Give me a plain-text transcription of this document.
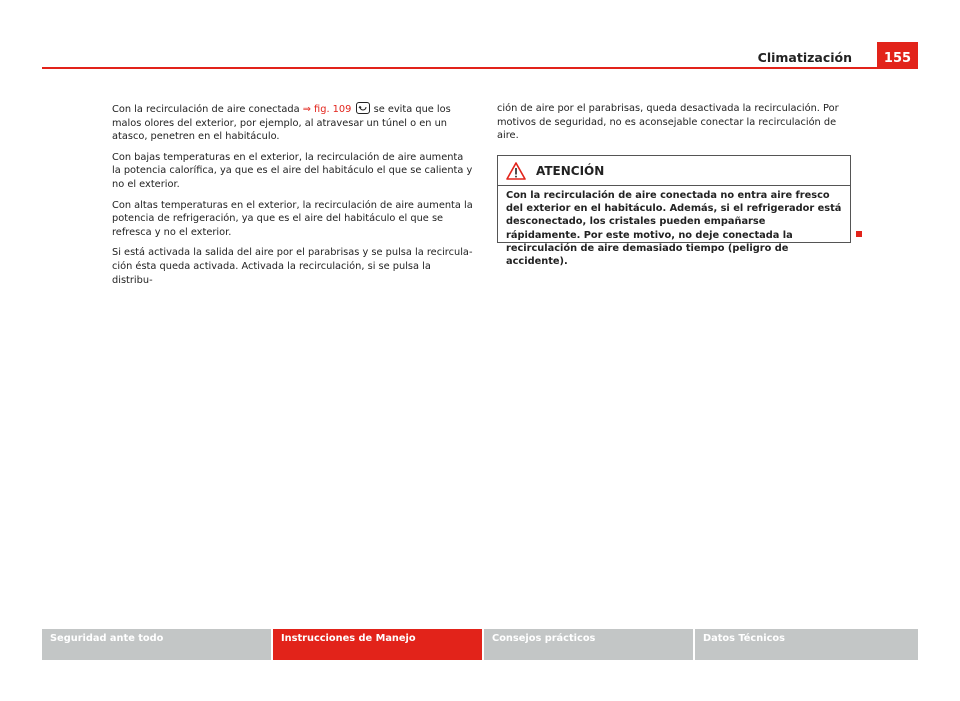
Climatización	155

Con la recirculación de aire conectada ⇒ fig. 109
se evita que los malos olores del exterior, por ejemplo, al atravesar un túnel o en un atasco, penetren en el habitáculo.

Con bajas temperaturas en el exterior, la recirculación de aire aumenta la potencia calorífica, ya que es el aire del habitáculo el que se calienta y no el exterior.

Con altas temperaturas en el exterior, la recirculación de aire aumenta la potencia de refrigeración, ya que es el aire del habitáculo el que se refresca y no el exterior.

Si está activada la salida del aire por el parabrisas y se pulsa la recirculación ésta queda activada. Activada la recirculación, si se pulsa la distribu-

ción de aire por el parabrisas, queda desactivada la recirculación. Por motivos de seguridad, no es aconsejable conectar la recirculación de aire.

ATENCIÓN
Con la recirculación de aire conectada no entra aire fresco del exterior en el habitáculo. Además, si el refrigerador está desconectado, los cristales pueden empañarse rápidamente. Por este motivo, no deje conectada la recirculación de aire demasiado tiempo (peligro de accidente).
Seguridad ante todo	Instrucciones de Manejo	Consejos prácticos	Datos Técnicos
